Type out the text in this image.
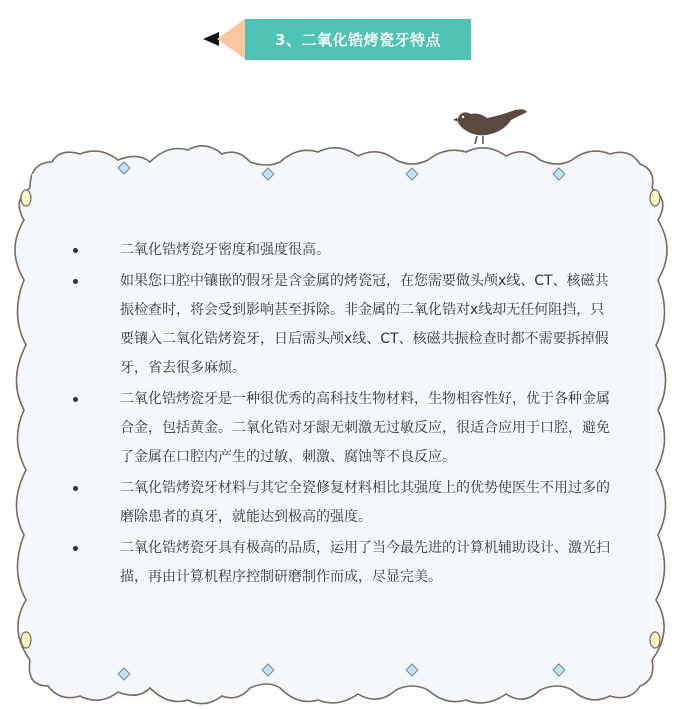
3、二氧化锆烤瓷牙特点
二氧化锆烤瓷牙密度和强度很高。
如果您口腔中镶嵌的假牙是含金属的烤瓷冠，在您需要做头颅x线、CT、核磁共振检查时，将会受到影响甚至拆除。非金属的二氧化锆对x线却无任何阻挡，只要镶入二氧化锆烤瓷牙，日后需头颅x线、CT、核磁共振检查时都不需要拆掉假牙，省去很多麻烦。
二氧化锆烤瓷牙是一种很优秀的高科技生物材料，生物相容性好，优于各种金属合金，包括黄金。二氧化锆对牙龈无刺激无过敏反应，很适合应用于口腔，避免了金属在口腔内产生的过敏、刺激、腐蚀等不良反应。
二氧化锆烤瓷牙材料与其它全瓷修复材料相比其强度上的优势使医生不用过多的磨除患者的真牙，就能达到极高的强度。
二氧化锆烤瓷牙具有极高的品质，运用了当今最先进的计算机辅助设计、激光扫描，再由计算机程序控制研磨制作而成，尽显完美。
